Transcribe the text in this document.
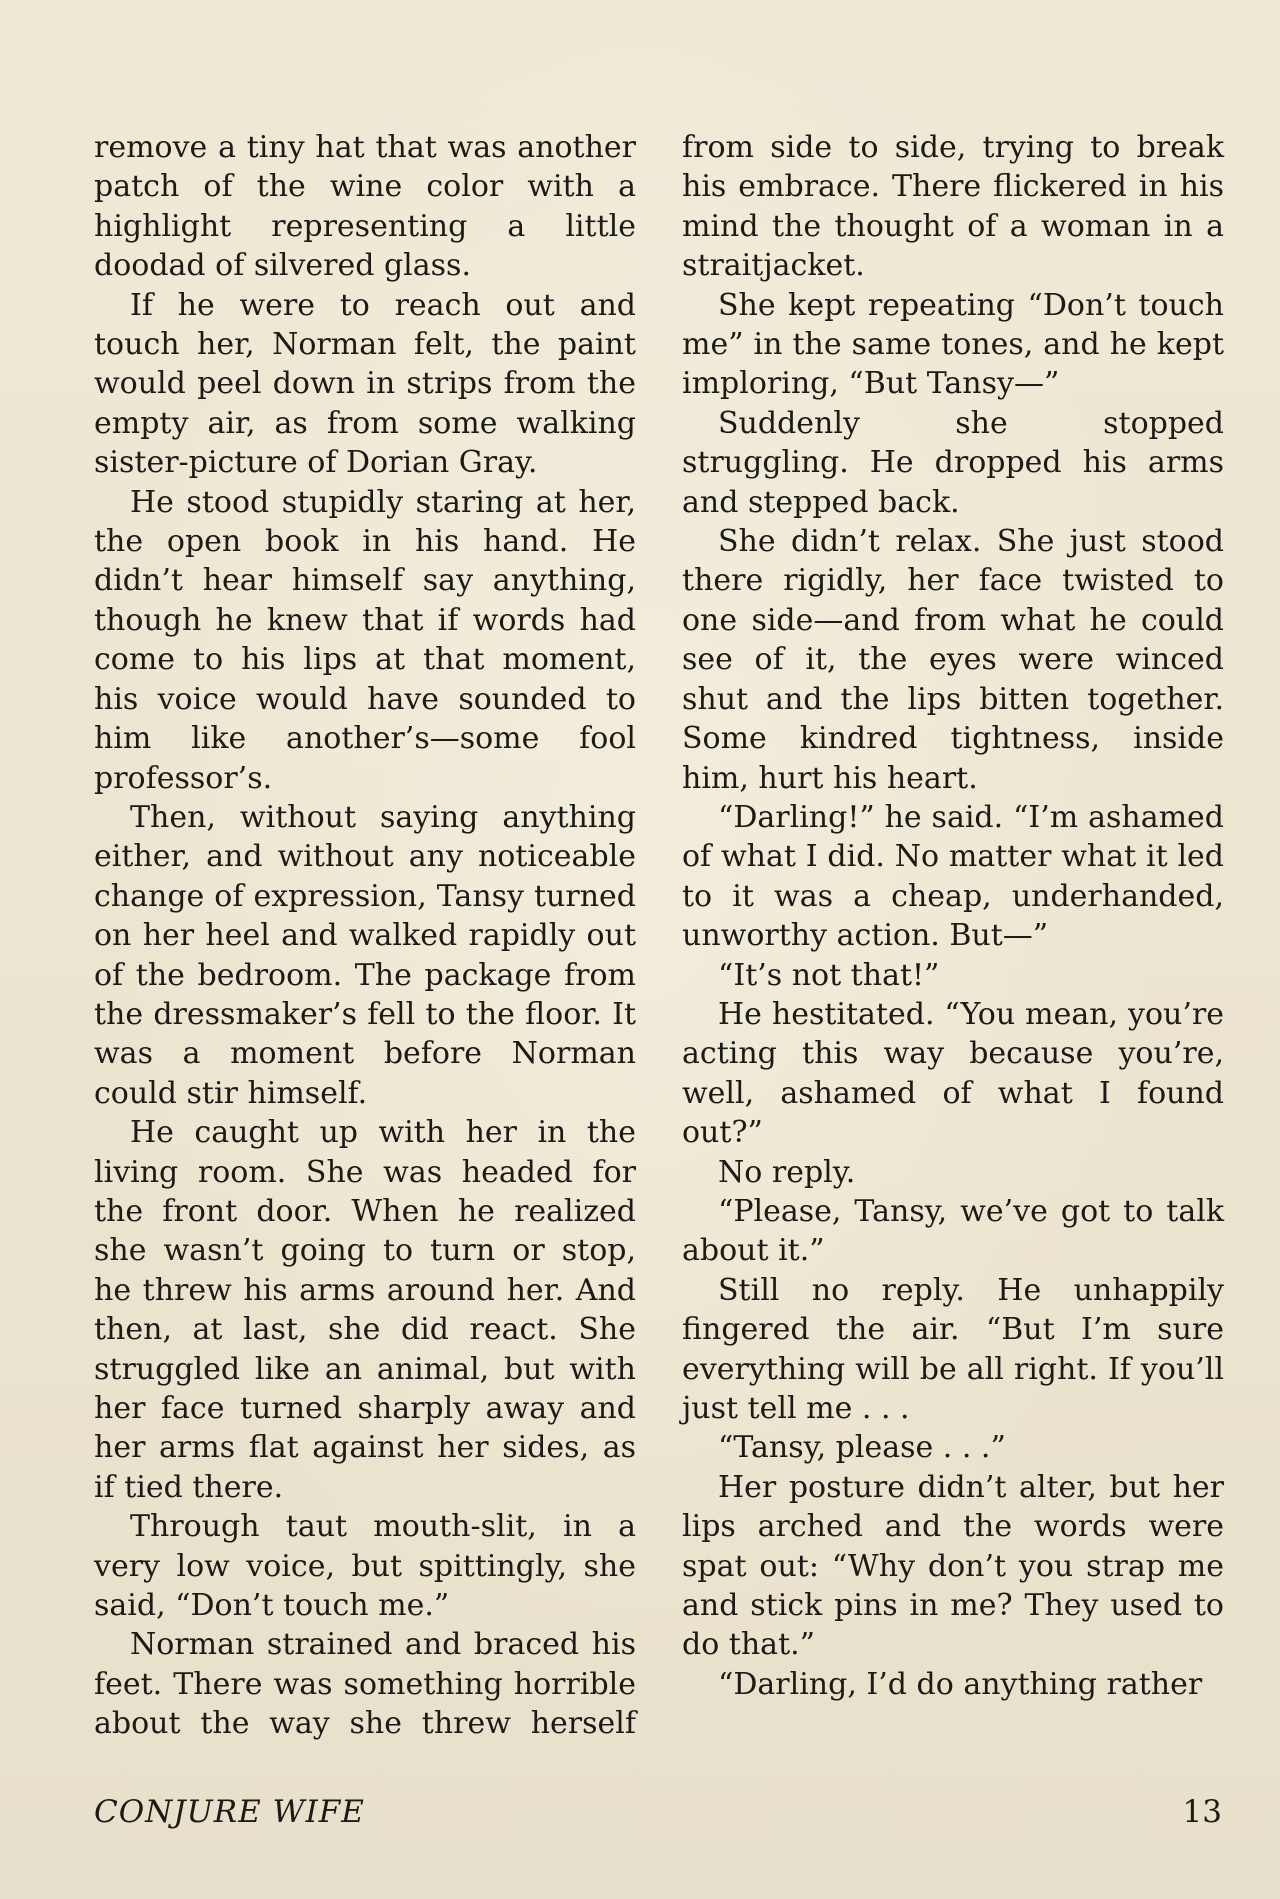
remove a tiny hat that was another patch of the wine color with a highlight representing a little doodad of silvered glass.

If he were to reach out and touch her, Norman felt, the paint would peel down in strips from the empty air, as from some walking sister-picture of Dorian Gray.

He stood stupidly staring at her, the open book in his hand. He didn’t hear himself say anything, though he knew that if words had come to his lips at that moment, his voice would have sounded to him like another’s—some fool professor’s.

Then, without saying anything either, and without any noticeable change of expression, Tansy turned on her heel and walked rapidly out of the bedroom. The package from the dressmaker’s fell to the floor. It was a moment before Norman could stir himself.

He caught up with her in the living room. She was headed for the front door. When he realized she wasn’t going to turn or stop, he threw his arms around her. And then, at last, she did react. She struggled like an animal, but with her face turned sharply away and her arms flat against her sides, as if tied there.

Through taut mouth-slit, in a very low voice, but spittingly, she said, “Don’t touch me.”

Norman strained and braced his feet. There was something horrible about the way she threw herself

from side to side, trying to break his embrace. There flickered in his mind the thought of a woman in a straitjacket.

She kept repeating “Don’t touch me” in the same tones, and he kept imploring, “But Tansy—”

Suddenly she stopped struggling. He dropped his arms and stepped back.

She didn’t relax. She just stood there rigidly, her face twisted to one side—and from what he could see of it, the eyes were winced shut and the lips bitten together. Some kindred tightness, inside him, hurt his heart.

“Darling!” he said. “I’m ashamed of what I did. No matter what it led to it was a cheap, underhanded, unworthy action. But—”

“It’s not that!”

He hestitated. “You mean, you’re acting this way because you’re, well, ashamed of what I found out?”

No reply.

“Please, Tansy, we’ve got to talk about it.”

Still no reply. He unhappily fingered the air. “But I’m sure everything will be all right. If you’ll just tell me . . .

“Tansy, please . . .”

Her posture didn’t alter, but her lips arched and the words were spat out: “Why don’t you strap me and stick pins in me? They used to do that.”

“Darling, I’d do anything rather

CONJURE WIFE	13
